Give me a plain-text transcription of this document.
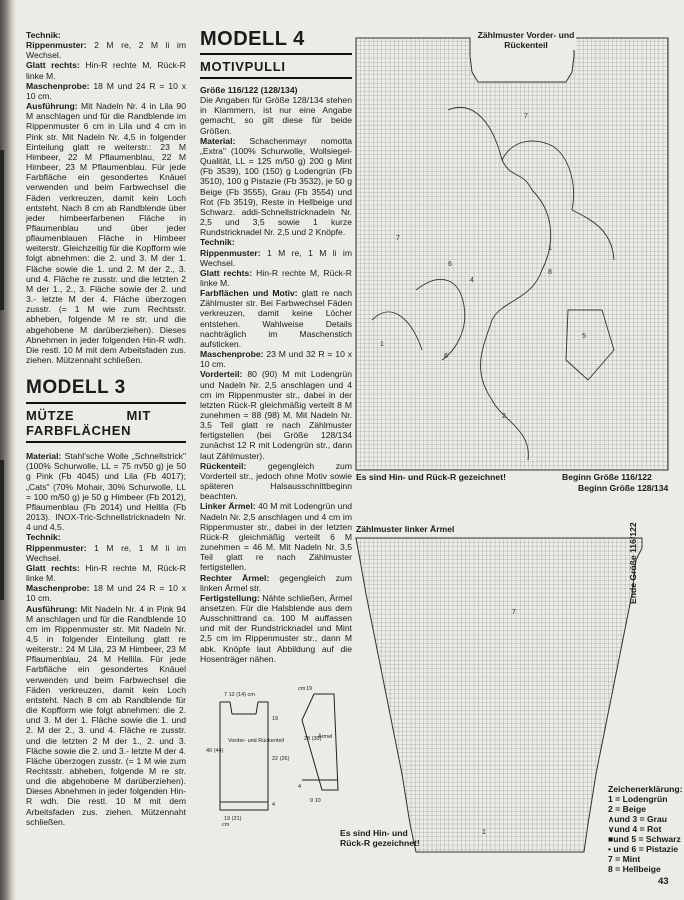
Technik:

Rippenmuster: 2 M re, 2 M li im Wechsel.

Glatt rechts: Hin-R rechte M, Rück-R linke M.

Maschenprobe: 18 M und 24 R = 10 x 10 cm.

Ausführung: Mit Nadeln Nr. 4 in Lila 90 M anschlagen und für die Randblende im Rippenmuster 6 cm in Lila und 4 cm in Pink str. Mit Nadeln Nr. 4,5 in folgender Einteilung glatt re weiterstr.: 23 M Himbeer, 22 M Pflaumenblau, 22 M Himbeer, 23 M Pflaumenblau. Für jede Farbfläche ein gesondertes Knäuel verwenden und beim Farbwechsel die Fäden verkreuzen, damit kein Loch entsteht. Nach 8 cm ab Randblende über jeder himbeerfarbenen Fläche in Pflaumenblau und über jeder pflaumenblauen Fläche in Himbeer weiterstr. Gleichzeitig für die Kopfform wie folgt abnehmen: die 2. und 3. M der 1. Fläche sowie die 1. und 2. M der 2., 3. und 4. Fläche re zusstr. und die letzten 2 M der 1., 2., 3. Fläche sowie der 2. und 3.- letzte M der 4. Fläche überzogen zusstr. (= 1 M wie zum Rechtsstr. abheben, folgende M re str. und die abgehobene M darüberziehen). Dieses Abnehmen in jeder folgenden Hin-R wdh. Die restl. 10 M mit dem Arbeitsfaden zus. ziehen. Mützennaht schließen.

MODELL 3
MÜTZE MIT FARBFLÄCHEN

Material: Stahl'sche Wolle „Schnellstrick" (100% Schurwolle, LL = 75 m/50 g) je 50 g Pink (Fb 4045) und Lila (Fb 4017); „Cats" (70% Mohair, 30% Schurwolle, LL = 100 m/50 g) je 50 g Himbeer (Fb 2012), Pflaumenblau (Fb 2014) und Hellila (Fb 2013). INOX-Tric-Schnellstricknadeln Nr. 4 und 4,5.

Technik:

Rippenmuster: 1 M re, 1 M li im Wechsel.

Glatt rechts: Hin-R rechte M, Rück-R linke M.

Maschenprobe: 18 M und 24 R = 10 x 10 cm.

Ausführung: Mit Nadeln Nr. 4 in Pink 94 M anschlagen und für die Randblende 10 cm im Rippenmuster str. Mit Nadeln Nr. 4,5 in folgender Einteilung glatt re weiterstr.: 24 M Lila, 23 M Himbeer, 23 M Pflaumenblau, 24 M Hellila. Für jede Farbfläche ein gesondertes Knäuel verwenden und beim Farbwechsel die Fäden verkreuzen, damit kein Loch entsteht. Nach 8 cm ab Randblende für die Kopfform wie folgt abnehmen: die 2. und 3. M der 1. Fläche sowie die 1. und 2. M der 2., 3. und 4. Fläche re zusstr. und die letzten 2 M der 1., 2. und 3. Fläche sowie die 2. und 3.- letzte M der 4. Fläche überzogen zusstr. (= 1 M wie zum Rechtsstr. abheben, folgende M re str. und die abgehobene M darüberziehen). Dieses Abnehmen in jeder folgenden Hin-R wdh. Die restl. 10 M mit dem Arbeitsfaden zus. ziehen. Mützennaht schließen.

MODELL 4
MOTIVPULLI

Größe 116/122 (128/134)

Die Angaben für Größe 128/134 stehen in Klammern, ist nur eine Angabe gemacht, so gilt diese für beide Größen.

Material: Schachenmayr nomotta „Extra" (100% Schurwolle, Wollsiegel-Qualität, LL = 125 m/50 g) 200 g Mint (Fb 3539), 100 (150) g Lodengrün (Fb 3510), 100 g Pistazie (Fb 3532), je 50 g Beige (Fb 3555), Grau (Fb 3554) und Rot (Fb 3519), Reste in Hellbeige und Schwarz. addi-Schnellstricknadeln Nr. 2,5 und 3,5 sowie 1 kurze Rundstricknadel Nr. 2,5 und 2 Knöpfe.

Technik:

Rippenmuster: 1 M re, 1 M li im Wechsel.

Glatt rechts: Hin-R rechte M, Rück-R linke M.

Farbflächen und Motiv: glatt re nach Zählmuster str. Bei Farbwechsel Fäden verkreuzen, damit keine Löcher entstehen. Wahlweise Details nachträglich im Maschenstich aufsticken.

Maschenprobe: 23 M und 32 R = 10 x 10 cm.

Vorderteil: 80 (90) M mit Lodengrün und Nadeln Nr. 2,5 anschlagen und 4 cm im Rippenmuster str., dabei in der letzten Rück-R gleichmäßig verteilt 8 M zunehmen = 88 (98) M. Mit Nadeln Nr. 3,5 Teil glatt re nach Zählmuster fertigstellen (bei Größe 128/134 zunächst 12 R mit Lodengrün str., dann laut Zählmuster).

Rückenteil: gegengleich zum Vorderteil str., jedoch ohne Motiv sowie späteren Halsausschnittbeginn beachten.

Linker Ärmel: 40 M mit Lodengrün und Nadeln Nr. 2,5 anschlagen und 4 cm im Rippenmuster str., dabei in der letzten Rück-R gleichmäßig verteilt 6 M zunehmen = 46 M. Mit Nadeln Nr. 3,5 Teil glatt re nach Zählmuster fertigstellen.

Rechter Ärmel: gegengleich zum linken Ärmel str.

Fertigstellung: Nähte schließen, Ärmel ansetzen. Für die Halsblende aus dem Ausschnittrand ca. 100 M auffassen und mit der Rundstricknadel und Mint 2,5 cm im Rippenmuster str., dann M abk. Knöpfe laut Abbildung auf die Hosenträger nähen.

7 12 (14) cm
19
22 (26)
40 (44)
4
19 (21)
Vorder- und Rückenteil
19
28 (30)
Ärmel
4
9 10
cm
cm
7
7
1
6
6
4
8
1
2
5
Zählmuster Vorder- und Rückenteil
Es sind Hin- und Rück-R gezeichnet!	Beginn Größe 116/122
Beginn Größe 128/134
Zählmuster linker Ärmel
7
1
Ende Größe 116/122
Es sind Hin- und Rück-R gezeichnet!
Zeichenerklärung:
1 = Lodengrün
2 = Beige
∧und 3 = Grau
∨und 4 = Rot
■und 5 = Schwarz
• und 6 = Pistazie
7 = Mint
8 = Hellbeige
43
